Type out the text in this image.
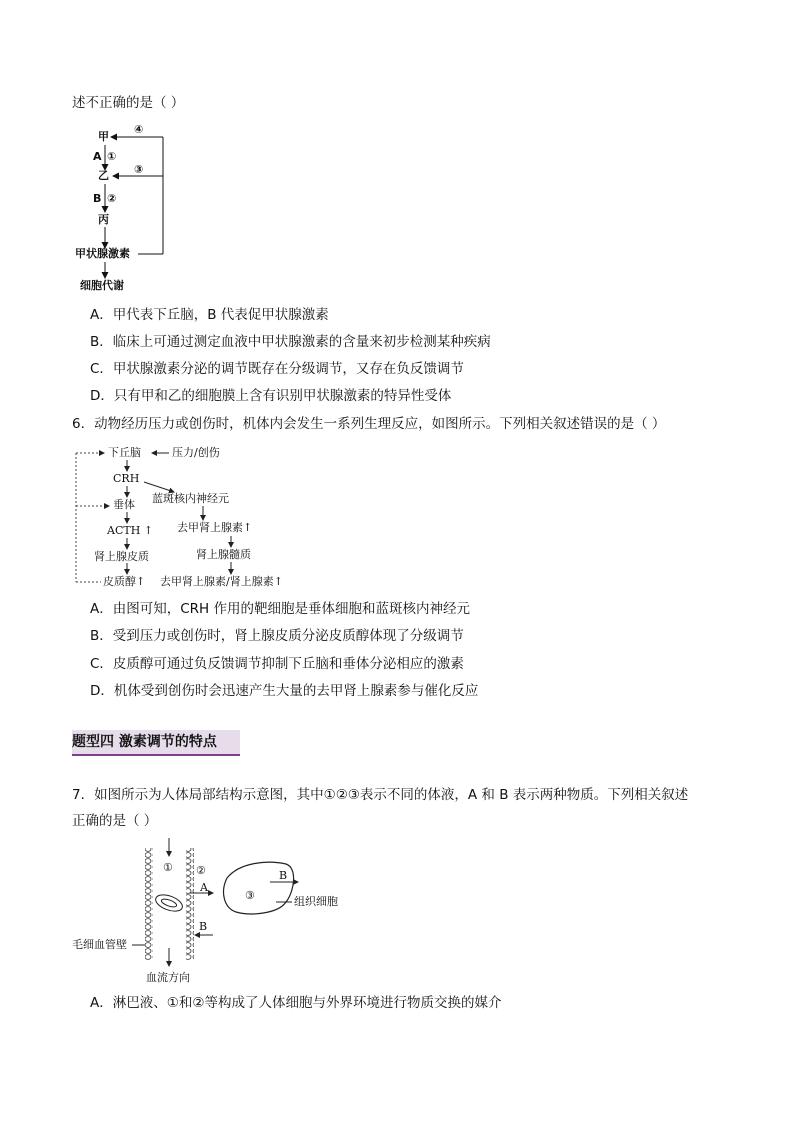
述不正确的是（ ）
甲
④
A ①
乙 ③
B ②
丙
甲状腺激素
细胞代谢
A．甲代表下丘脑，B 代表促甲状腺激素
B．临床上可通过测定血液中甲状腺激素的含量来初步检测某种疾病
C．甲状腺激素分泌的调节既存在分级调节，又存在负反馈调节
D．只有甲和乙的细胞膜上含有识别甲状腺激素的特异性受体
6．动物经历压力或创伤时，机体内会发生一系列生理反应，如图所示。下列相关叙述错误的是（ ）
下丘脑	压力/创伤
CRH
蓝斑核内神经元
垂体
去甲肾上腺素↑
ACTH ↑
肾上腺皮质	肾上腺髓质
皮质醇↑ 去甲肾上腺素/肾上腺素↑
A．由图可知，CRH 作用的靶细胞是垂体细胞和蓝斑核内神经元
B．受到压力或创伤时，肾上腺皮质分泌皮质醇体现了分级调节
C．皮质醇可通过负反馈调节抑制下丘脑和垂体分泌相应的激素
D．机体受到创伤时会迅速产生大量的去甲肾上腺素参与催化反应
题型四 激素调节的特点
7．如图所示为人体局部结构示意图，其中①②③表示不同的体液，A 和 B 表示两种物质。下列相关叙述
正确的是（ ）
① ②
A
③
B
B
组织细胞
毛细血管壁
血流方向
A．淋巴液、①和②等构成了人体细胞与外界环境进行物质交换的媒介
